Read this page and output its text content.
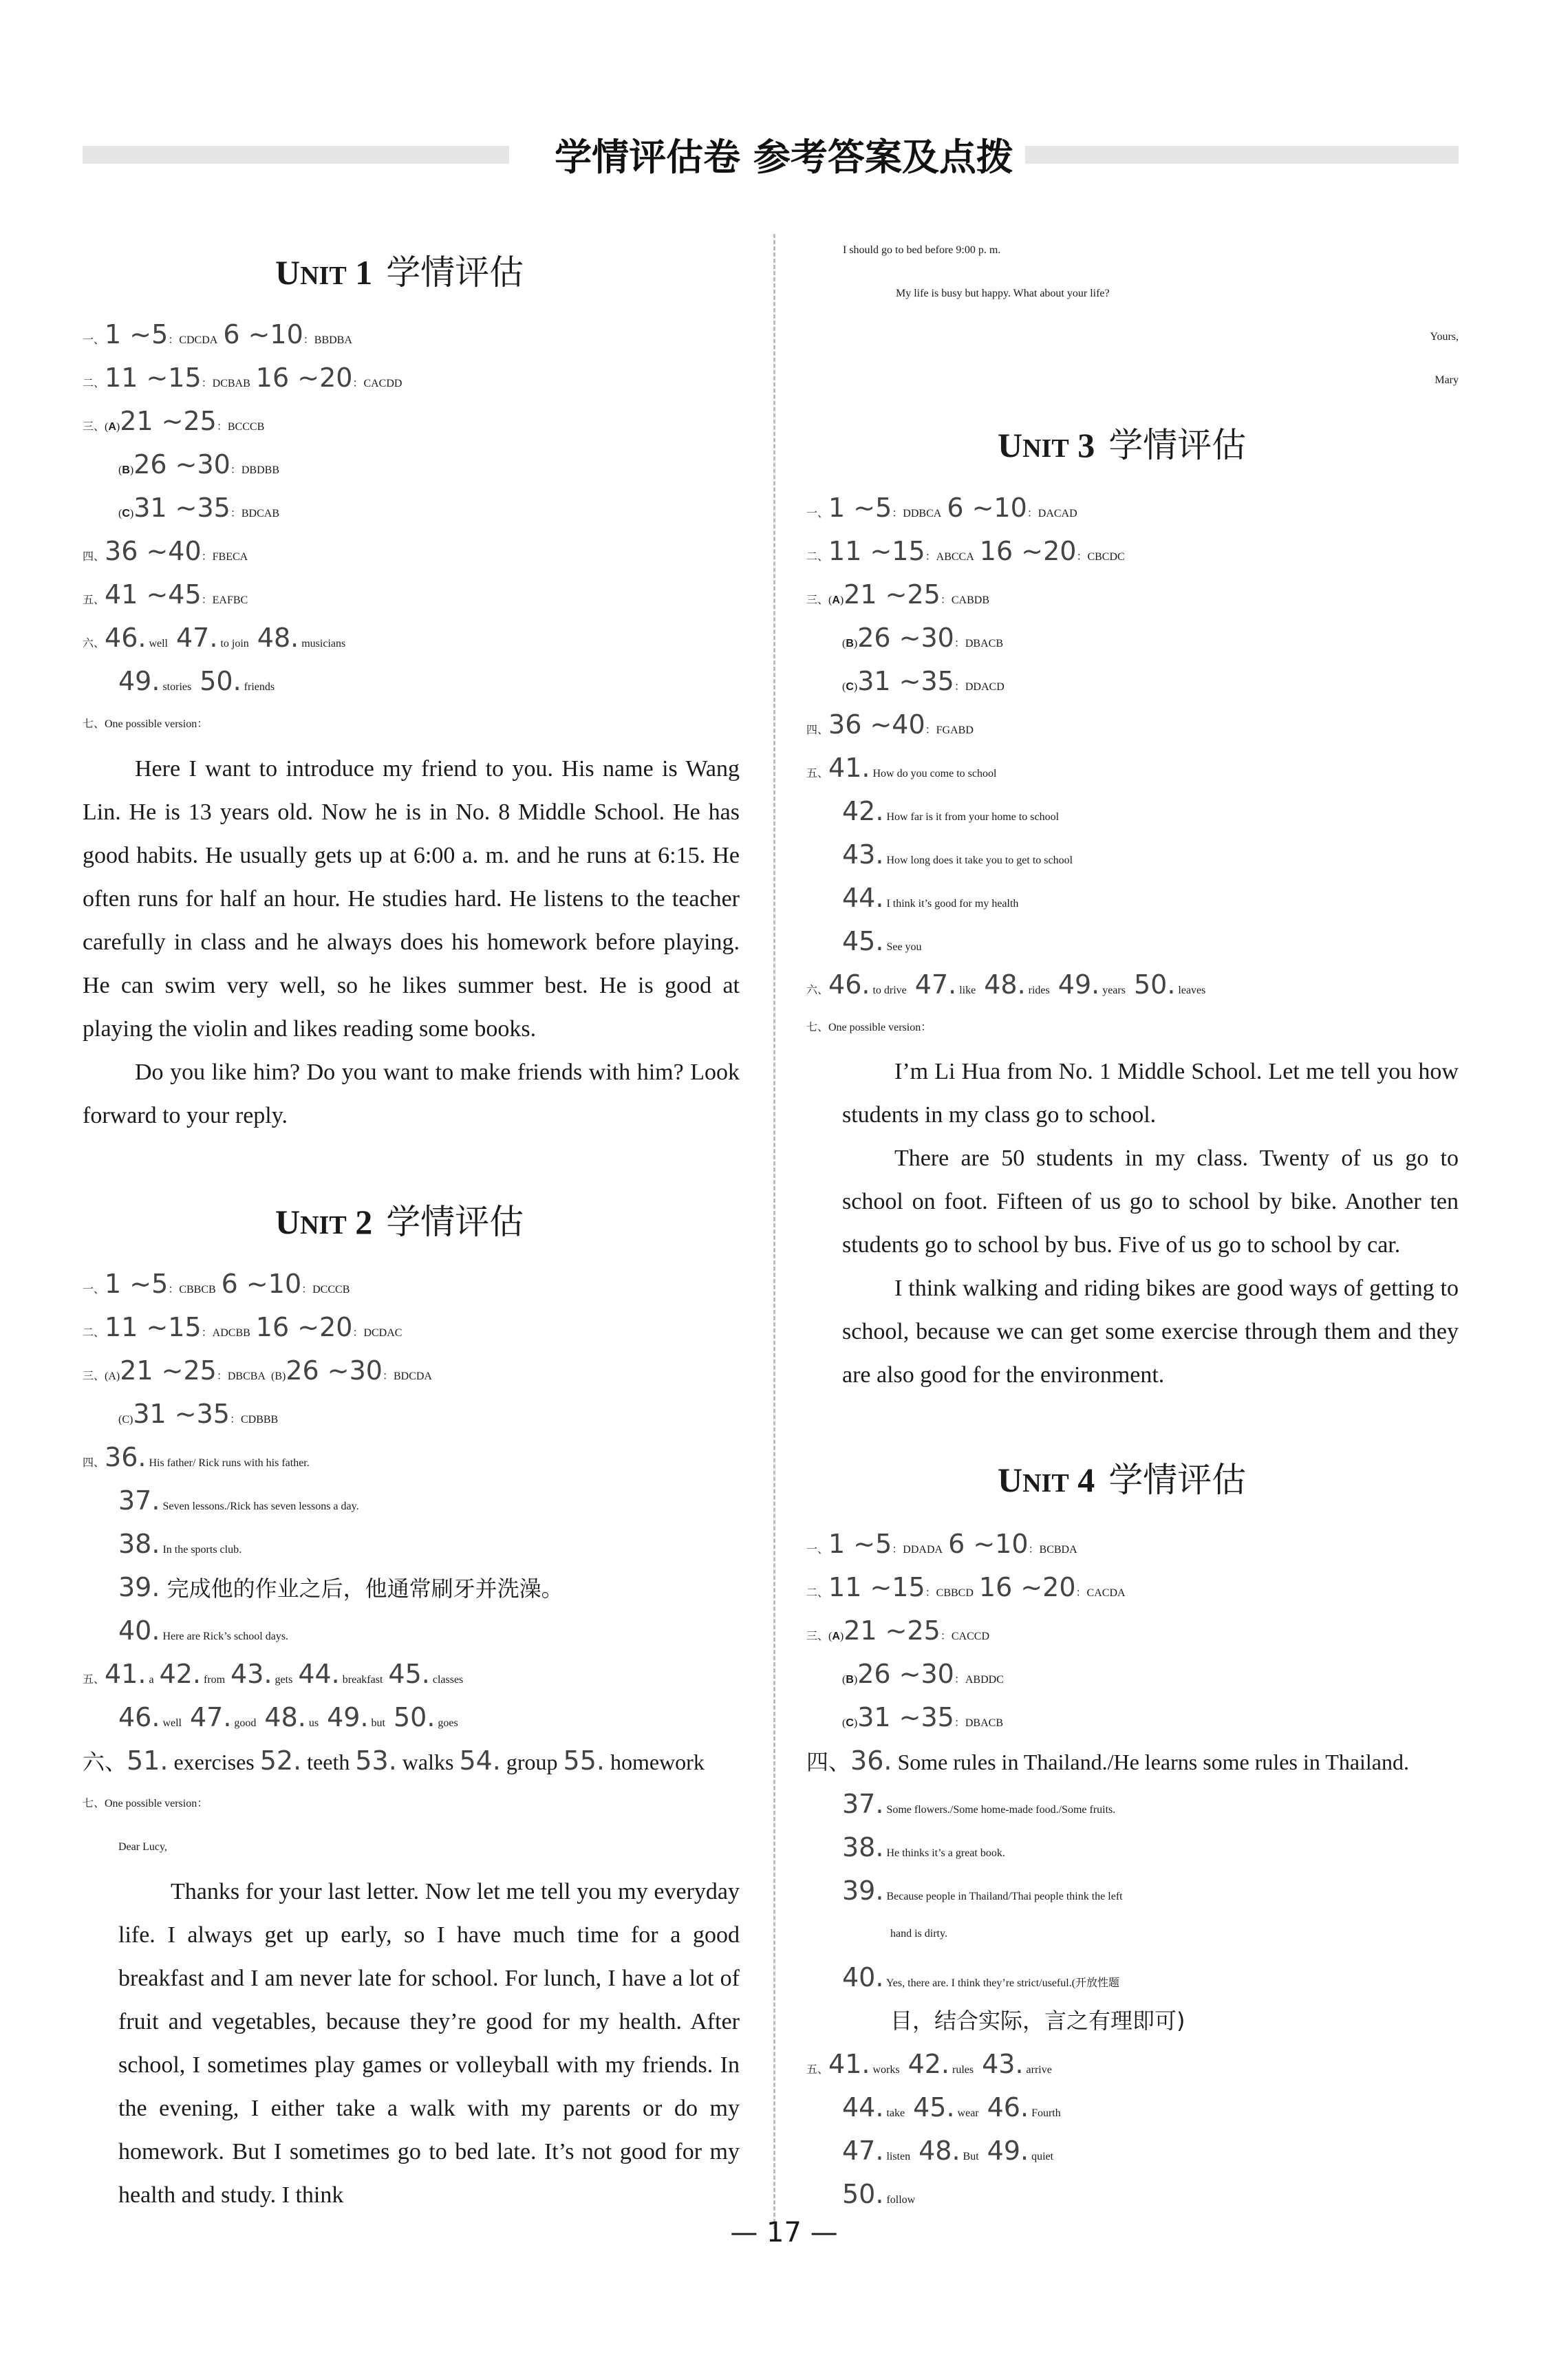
学情评估卷 参考答案及点拨
UNIT 1 学情评估
一、1 ~5：CDCDA 6 ~10：BBDBA
二、11 ~15：DCBAB 16 ~20：CACDD
三、(A)21 ~25：BCCCB
(B)26 ~30：DBDBB
(C)31 ~35：BDCAB
四、36 ~40：FBECA
五、41 ~45：EAFBC
六、46. well 47. to join 48. musicians
49. stories 50. friends
七、One possible version：

Here I want to introduce my friend to you. His name is Wang Lin. He is 13 years old. Now he is in No. 8 Middle School. He has good habits. He usually gets up at 6:00 a. m. and he runs at 6:15. He often runs for half an hour. He studies hard. He listens to the teacher carefully in class and he always does his homework before playing. He can swim very well, so he likes summer best. He is good at playing the violin and likes reading some books.

Do you like him? Do you want to make friends with him? Look forward to your reply.

UNIT 2 学情评估
一、1 ~5：CBBCB 6 ~10：DCCCB
二、11 ~15：ADCBB 16 ~20：DCDAC
三、(A)21 ~25：DBCBA (B)26 ~30：BDCDA
(C)31 ~35：CDBBB
四、36. His father/ Rick runs with his father.
37. Seven lessons./Rick has seven lessons a day.
38. In the sports club.
39. 完成他的作业之后，他通常刷牙并洗澡。
40. Here are Rick’s school days.
五、41. a 42. from 43. gets 44. breakfast 45. classes
46. well 47. good 48. us 49. but 50. goes
六、51. exercises 52. teeth 53. walks 54. group 55. homework
七、One possible version：
Dear Lucy,

Thanks for your last letter. Now let me tell you my everyday life. I always get up early, so I have much time for a good breakfast and I am never late for school. For lunch, I have a lot of fruit and vegetables, because they’re good for my health. After school, I sometimes play games or volleyball with my friends. In the evening, I either take a walk with my parents or do my homework. But I sometimes go to bed late. It’s not good for my health and study. I think

I should go to bed before 9:00 p. m.
My life is busy but happy. What about your life?
Yours,
Mary
UNIT 3 学情评估
一、1 ~5：DDBCA 6 ~10：DACAD
二、11 ~15：ABCCA 16 ~20：CBCDC
三、(A)21 ~25：CABDB
(B)26 ~30：DBACB
(C)31 ~35：DDACD
四、36 ~40：FGABD
五、41. How do you come to school
42. How far is it from your home to school
43. How long does it take you to get to school
44. I think it’s good for my health
45. See you
六、46. to drive 47. like 48. rides 49. years 50. leaves
七、One possible version：

I’m Li Hua from No. 1 Middle School. Let me tell you how students in my class go to school.

There are 50 students in my class. Twenty of us go to school on foot. Fifteen of us go to school by bike. Another ten students go to school by bus. Five of us go to school by car.

I think walking and riding bikes are good ways of getting to school, because we can get some exercise through them and they are also good for the environment.

UNIT 4 学情评估
一、1 ~5：DDADA 6 ~10：BCBDA
二、11 ~15：CBBCD 16 ~20：CACDA
三、(A)21 ~25：CACCD
(B)26 ~30：ABDDC
(C)31 ~35：DBACB
四、36. Some rules in Thailand./He learns some rules in Thailand.
37. Some flowers./Some home-made food./Some fruits.
38. He thinks it’s a great book.
39. Because people in Thailand/Thai people think the left
hand is dirty.
40. Yes, there are. I think they’re strict/useful.(开放性题
目，结合实际，言之有理即可)
五、41. works 42. rules 43. arrive
44. take 45. wear 46. Fourth
47. listen 48. But 49. quiet
50. follow
— 17 —
